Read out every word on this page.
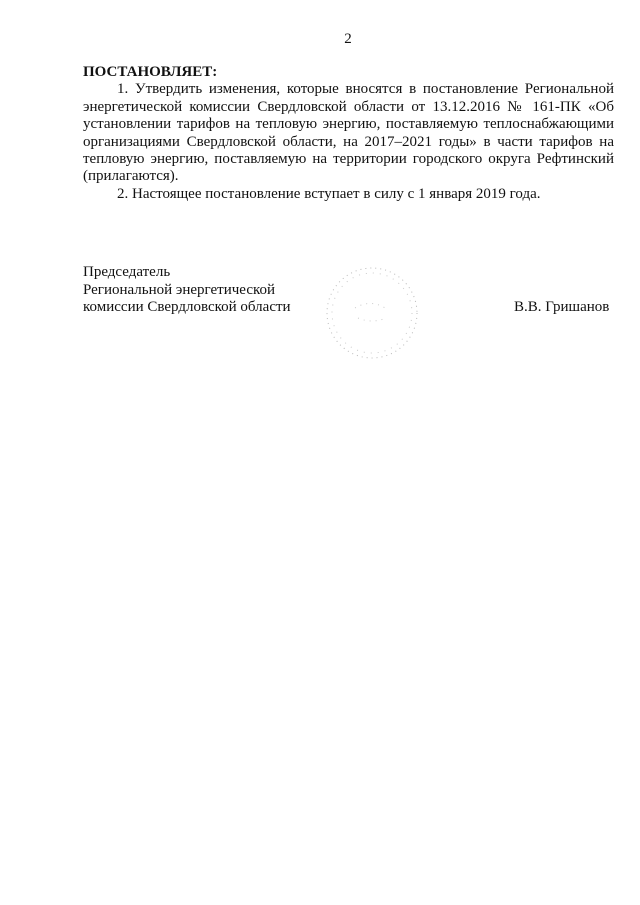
2

ПОСТАНОВЛЯЕТ:

1. Утвердить изменения, которые вносятся в постановление Региональной энергетической комиссии Свердловской области от 13.12.2016 № 161-ПК «Об установлении тарифов на тепловую энергию, поставляемую теплоснабжающими организациями Свердловской области, на 2017–2021 годы» в части тарифов на тепловую энергию, поставляемую на территории городского округа Рефтинский (прилагаются).

2. Настоящее постановление вступает в силу с 1 января 2019 года.

Председатель
Региональной энергетической
комиссии Свердловской области	В.В. Гришанов
